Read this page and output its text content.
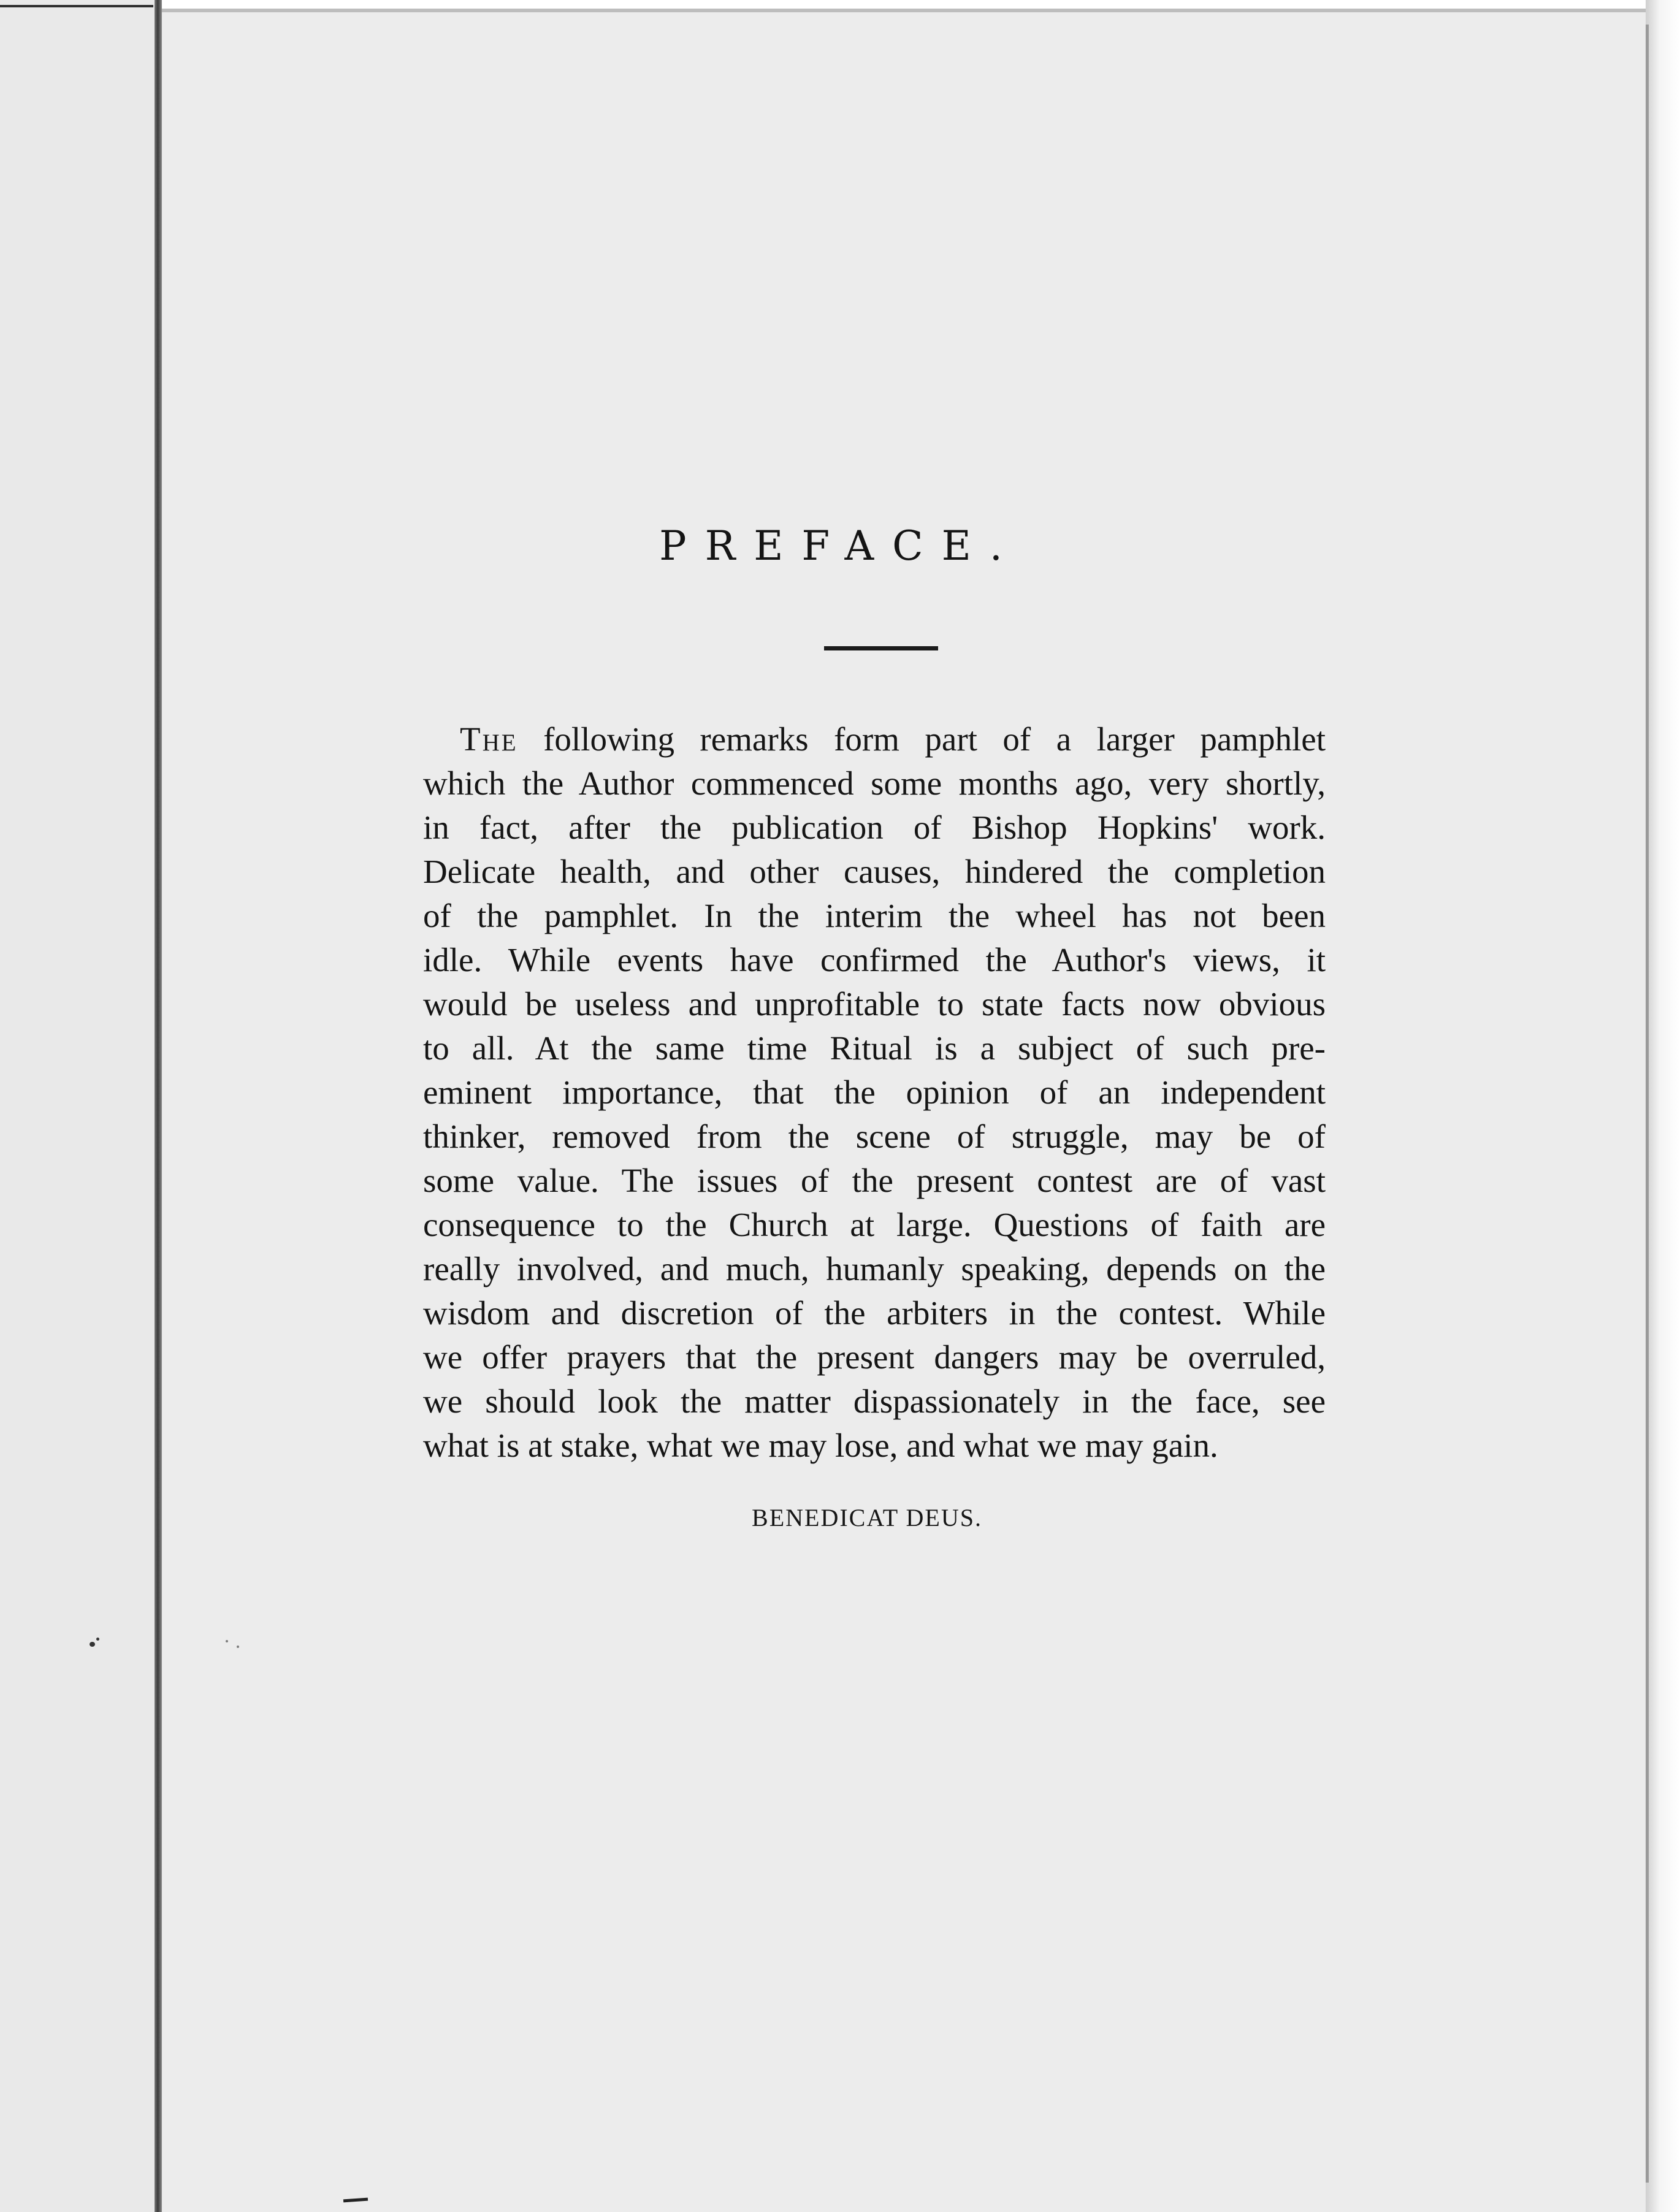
PREFACE.
The following remarks form part of a larger pamphlet
which the Author commenced some months ago, very shortly,
in fact, after the publication of Bishop Hopkins' work.
Delicate health, and other causes, hindered the completion
of the pamphlet. In the interim the wheel has not been
idle. While events have confirmed the Author's views, it
would be useless and unprofitable to state facts now obvious
to all. At the same time Ritual is a subject of such pre-
eminent importance, that the opinion of an independent
thinker, removed from the scene of struggle, may be of
some value. The issues of the present contest are of vast
consequence to the Church at large. Questions of faith are
really involved, and much, humanly speaking, depends on the
wisdom and discretion of the arbiters in the contest. While
we offer prayers that the present dangers may be overruled,
we should look the matter dispassionately in the face, see
what is at stake, what we may lose, and what we may gain.
BENEDICAT DEUS.
